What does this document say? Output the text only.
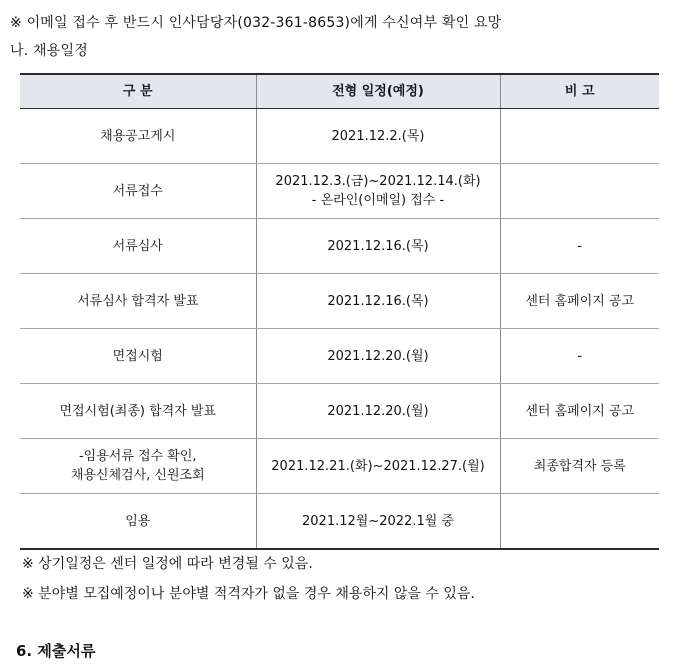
※ 이메일 접수 후 반드시 인사담당자(032-361-8653)에게 수신여부 확인 요망
나. 채용일정
구 분	전형 일정(예정)	비 고

채용공고게시	2021.12.2.(목)	

서류접수	2021.12.3.(금)~2021.12.14.(화)
- 온라인(이메일) 접수 -	

서류심사	2021.12.16.(목)	-

서류심사 합격자 발표	2021.12.16.(목)	센터 홈페이지 공고

면접시험	2021.12.20.(월)	-

면접시험(최종) 합격자 발표	2021.12.20.(월)	센터 홈페이지 공고

-임용서류 접수 확인,
채용신체검사, 신원조회	2021.12.21.(화)~2021.12.27.(월)	최종합격자 등록

임용	2021.12월~2022.1월 중	

※ 상기일정은 센터 일정에 따라 변경될 수 있음.
※ 분야별 모집예정이나 분야별 적격자가 없을 경우 채용하지 않을 수 있음.
6. 제출서류
